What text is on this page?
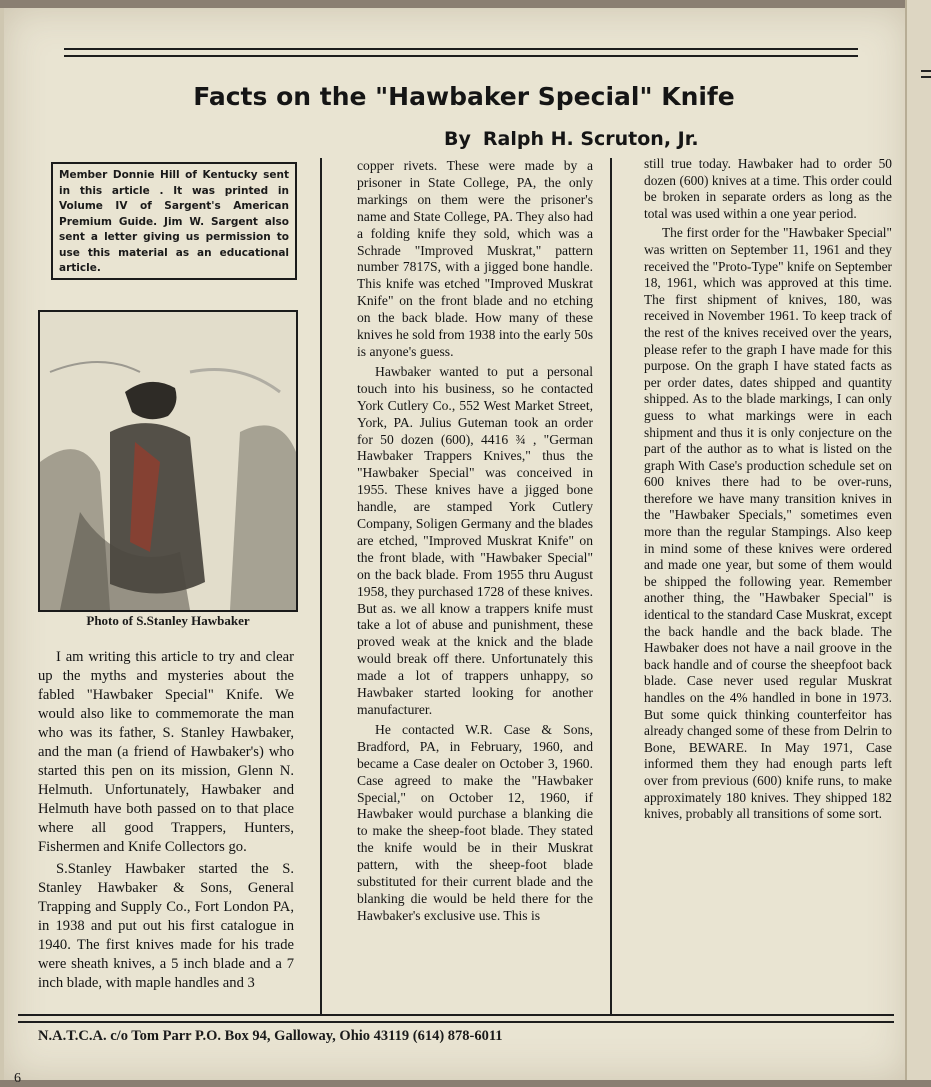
Facts on the "Hawbaker Special" Knife
By Ralph H. Scruton, Jr.
Member Donnie Hill of Kentucky sent in this article . It was printed in Volume IV of Sargent's American Premium Guide. Jim W. Sargent also sent a letter giving us permission to use this material as an educational article.
Photo of S.Stanley Hawbaker

I am writing this article to try and clear up the myths and mysteries about the fabled "Hawbaker Special" Knife. We would also like to commemorate the man who was its father, S. Stanley Hawbaker, and the man (a friend of Hawbaker's) who started this pen on its mission, Glenn N. Helmuth. Unfortunately, Hawbaker and Helmuth have both passed on to that place where all good Trappers, Hunters, Fishermen and Knife Collectors go.

S.Stanley Hawbaker started the S. Stanley Hawbaker & Sons, General Trapping and Supply Co., Fort London PA, in 1938 and put out his first catalogue in 1940. The first knives made for his trade were sheath knives, a 5 inch blade and a 7 inch blade, with maple handles and 3

copper rivets. These were made by a prisoner in State College, PA, the only markings on them were the prisoner's name and State College, PA. They also had a folding knife they sold, which was a Schrade "Improved Muskrat," pattern number 7817S, with a jigged bone handle. This knife was etched "Improved Muskrat Knife" on the front blade and no etching on the back blade. How many of these knives he sold from 1938 into the early 50s is anyone's guess.

Hawbaker wanted to put a personal touch into his business, so he contacted York Cutlery Co., 552 West Market Street, York, PA. Julius Guteman took an order for 50 dozen (600), 4416 ¾ , "German Hawbaker Trappers Knives," thus the "Hawbaker Special" was conceived in 1955. These knives have a jigged bone handle, are stamped York Cutlery Company, Soligen Germany and the blades are etched, "Improved Muskrat Knife" on the front blade, with "Hawbaker Special" on the back blade. From 1955 thru August 1958, they purchased 1728 of these knives. But as. we all know a trappers knife must take a lot of abuse and punishment, these proved weak at the knick and the blade would break off there. Unfortunately this made a lot of trappers unhappy, so Hawbaker started looking for another manufacturer.

He contacted W.R. Case & Sons, Bradford, PA, in February, 1960, and became a Case dealer on October 3, 1960. Case agreed to make the "Hawbaker Special," on October 12, 1960, if Hawbaker would purchase a blanking die to make the sheep-foot blade. They stated the knife would be in their Muskrat pattern, with the sheep-foot blade substituted for their current blade and the blanking die would be held there for the Hawbaker's exclusive use. This is

still true today. Hawbaker had to order 50 dozen (600) knives at a time. This order could be broken in separate orders as long as the total was used within a one year period.

The first order for the "Hawbaker Special" was written on September 11, 1961 and they received the "Proto-Type" knife on September 18, 1961, which was approved at this time. The first shipment of knives, 180, was received in November 1961. To keep track of the rest of the knives received over the years, please refer to the graph I have made for this purpose. On the graph I have stated facts as per order dates, dates shipped and quantity shipped. As to the blade markings, I can only guess to what markings were in each shipment and thus it is only conjecture on the part of the author as to what is listed on the graph With Case's production schedule set on 600 knives there had to be over-runs, therefore we have many transition knives in the "Hawbaker Specials," sometimes even more than the regular Stampings. Also keep in mind some of these knives were ordered and made one year, but some of them would be shipped the following year. Remember another thing, the "Hawbaker Special" is identical to the standard Case Muskrat, except the back handle and the back blade. The Hawbaker does not have a nail groove in the back handle and of course the sheepfoot back blade. Case never used regular Muskrat handles on the 4% handled in bone in 1973. But some quick thinking counterfeitor has already changed some of these from Delrin to Bone, BEWARE. In May 1971, Case informed them they had enough parts left over from previous (600) knife runs, to make approximately 180 knives. They shipped 182 knives, probably all transitions of some sort.

N.A.T.C.A. c/o Tom Parr P.O. Box 94, Galloway, Ohio 43119 (614) 878-6011
6
